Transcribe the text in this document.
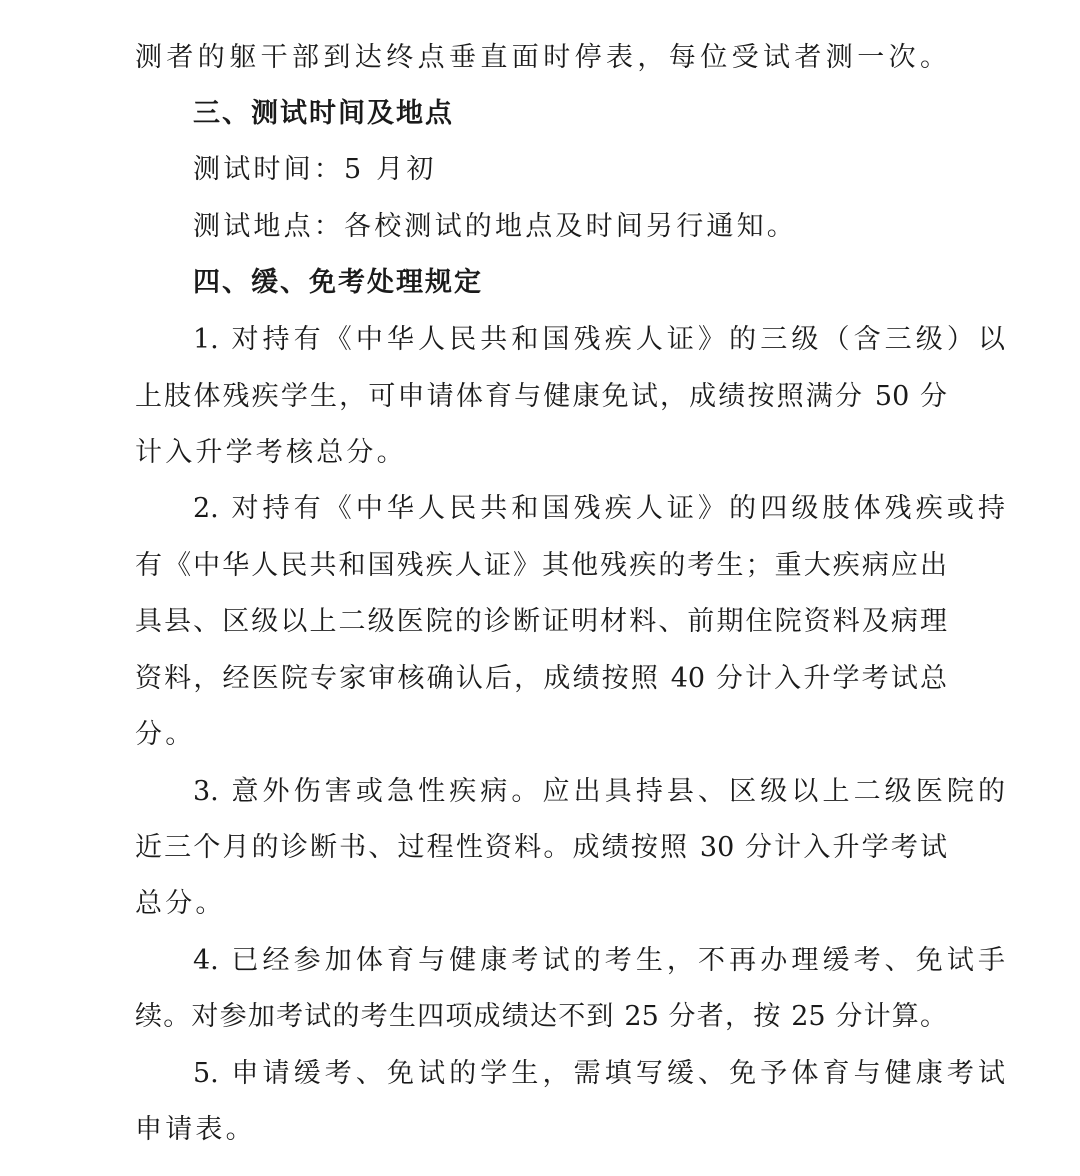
测者的躯干部到达终点垂直面时停表，每位受试者测一次。
三、测试时间及地点
测试时间：5 月初
测试地点：各校测试的地点及时间另行通知。
四、缓、免考处理规定
1. 对持有《中华人民共和国残疾人证》的三级（含三级）以
上肢体残疾学生，可申请体育与健康免试，成绩按照满分 50 分
计入升学考核总分。
2. 对持有《中华人民共和国残疾人证》的四级肢体残疾或持
有《中华人民共和国残疾人证》其他残疾的考生；重大疾病应出
具县、区级以上二级医院的诊断证明材料、前期住院资料及病理
资料，经医院专家审核确认后，成绩按照 40 分计入升学考试总
分。
3. 意外伤害或急性疾病。应出具持县、区级以上二级医院的
近三个月的诊断书、过程性资料。成绩按照 30 分计入升学考试
总分。
4. 已经参加体育与健康考试的考生，不再办理缓考、免试手
续。对参加考试的考生四项成绩达不到 25 分者，按 25 分计算。
5. 申请缓考、免试的学生，需填写缓、免予体育与健康考试
申请表。
